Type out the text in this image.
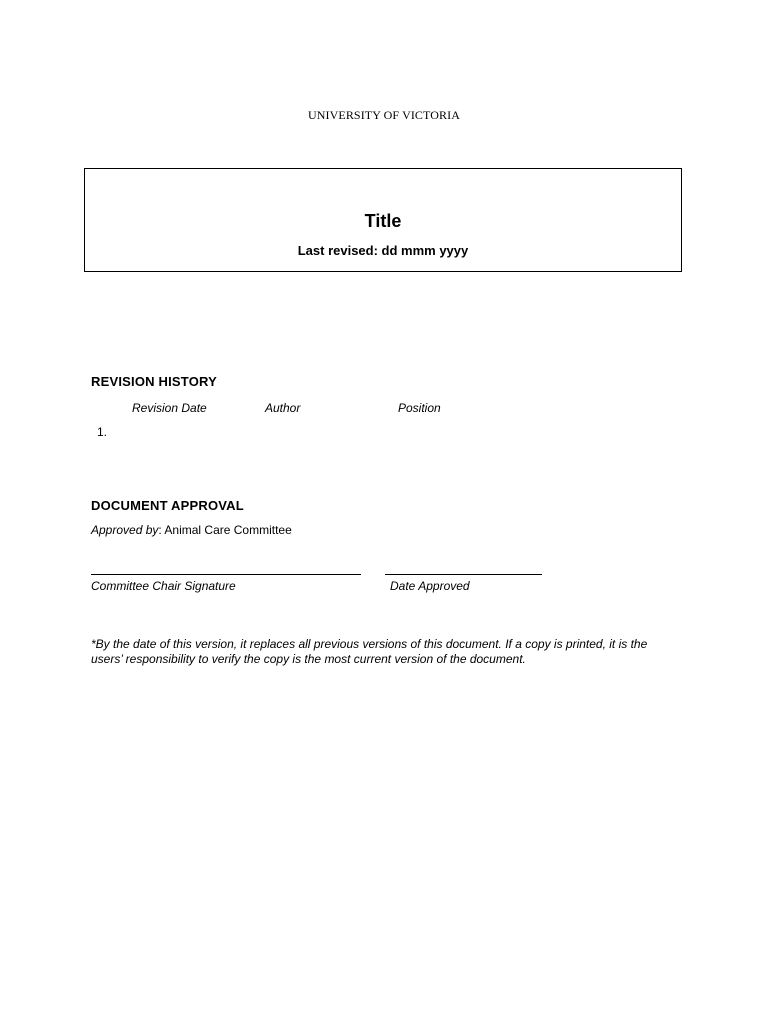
UNIVERSITY OF VICTORIA
Title
Last revised: dd mmm yyyy
REVISION HISTORY
Revision Date	Author	Position
1.
DOCUMENT APPROVAL
Approved by: Animal Care Committee
Committee Chair Signature	Date Approved
*By the date of this version, it replaces all previous versions of this document. If a copy is printed, it is the
users’ responsibility to verify the copy is the most current version of the document.
